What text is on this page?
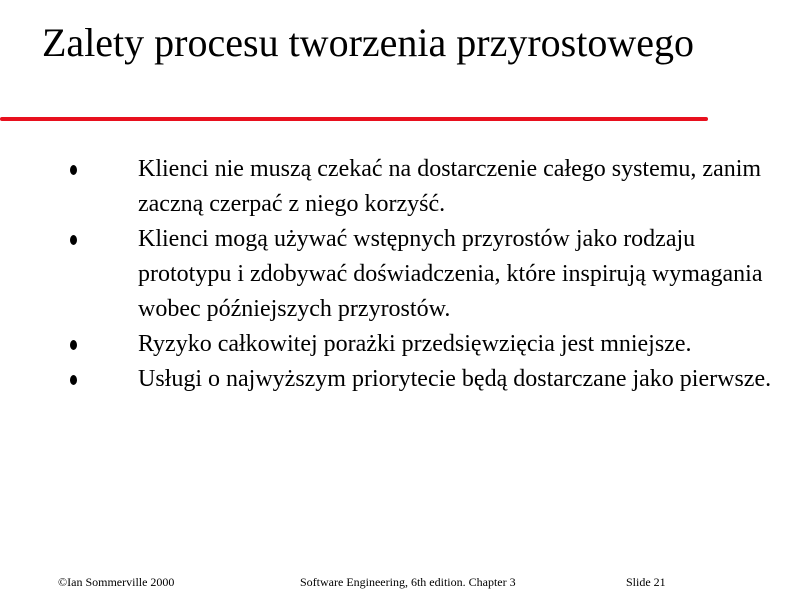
Zalety procesu tworzenia przyrostowego
Klienci nie muszą czekać na dostarczenie całego systemu, zanim zaczną czerpać z niego korzyść.
Klienci mogą używać wstępnych przyrostów jako rodzaju prototypu i zdobywać doświadczenia, które inspirują wymagania wobec późniejszych przyrostów.
Ryzyko całkowitej porażki przedsięwzięcia jest mniejsze.
Usługi o najwyższym priorytecie będą dostarczane jako pierwsze.
©Ian Sommerville 2000	Software Engineering, 6th edition. Chapter 3	Slide 21
